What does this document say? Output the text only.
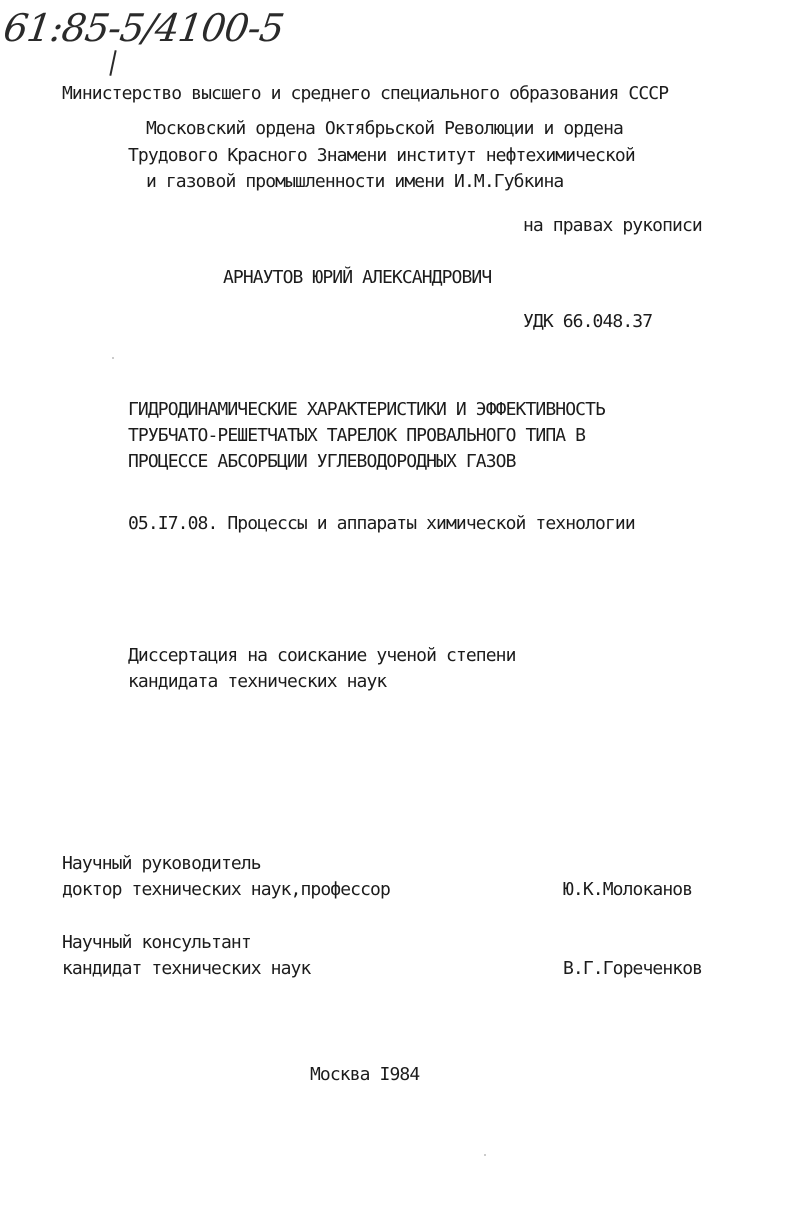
61:85-5/4100-5
Министерство высшего и среднего специального образования СССР
Московский ордена Октябрьской Революции и ордена
Трудового Красного Знамени институт нефтехимической
и газовой промышленности имени И.М.Губкина
на правах рукописи
АРНАУТОВ ЮРИЙ АЛЕКСАНДРОВИЧ
УДК 66.048.37
ГИДРОДИНАМИЧЕСКИЕ ХАРАКТЕРИСТИКИ И ЭФФЕКТИВНОСТЬ
ТРУБЧАТО-РЕШЕТЧАТЫХ ТАРЕЛОК ПРОВАЛЬНОГО ТИПА В
ПРОЦЕССЕ АБСОРБЦИИ УГЛЕВОДОРОДНЫХ ГАЗОВ
05.I7.08. Процессы и аппараты химической технологии
Диссертация на соискание ученой степени
кандидата технических наук
Научный руководитель
доктор технических наук,профессор	Ю.К.Молоканов
Научный консультант
кандидат технических наук	В.Г.Гореченков
Москва I984
